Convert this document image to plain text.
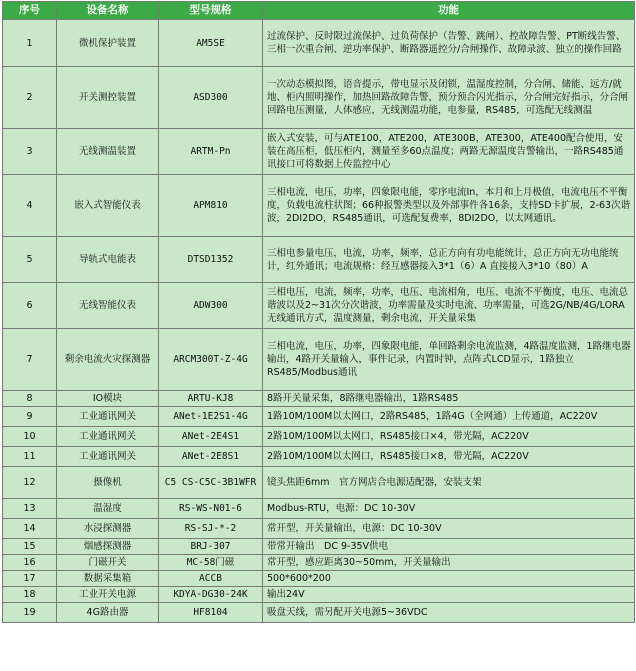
序号	设备名称	型号规格	功能
1	微机保护装置	AM5SE	过流保护、反时限过流保护、过负荷保护（告警、跳闸）、控故障告警、PT断线告警、三相一次重合闸、逆功率保护、断路器遥控分/合闸操作、故障录波、独立的操作回路
2	开关测控装置	ASD300	一次动态模拟图，语音提示，带电显示及闭锁，温湿度控制，分合闸、储能、远方/就地、柜内照明操作，加热回路故障告警，预分预合闪光指示，分合闸完好指示，分合闸回路电压测量，人体感应，无线测温功能，电参量，RS485，可选配无线测温
3	无线测温装置	ARTM-Pn	嵌入式安装，可与ATE100，ATE200，ATE300B，ATE300，ATE400配合使用，安装在高压柜，低压柜内，测量至多60点温度；两路无源温度告警输出，一路RS485通讯接口可将数据上传监控中心
4	嵌入式智能仪表	APM810	三相电流，电压，功率，四象限电能，零序电流In，本月和上月极值，电流电压不平衡度，负载电流柱状图；66种报警类型以及外部事件各16条，支持SD卡扩展，2-63次谐波，2DI2DO，RS485通讯，可选配复费率，8DI2DO，以太网通讯。
5	导轨式电能表	DTSD1352	三相电参量电压，电流，功率，频率，总正方向有功电能统计，总正方向无功电能统计，红外通讯；电流规格：经互感器接入3*1（6）A 直接接入3*10（80）A
6	无线智能仪表	ADW300	三相电压，电流，频率，功率，电压、电流相角，电压、电流不平衡度，电压、电流总谐波以及2~31次分次谐波，功率需量及实时电流、功率需量，可选2G/NB/4G/LORA无线通讯方式，温度测量，剩余电流，开关量采集
7	剩余电流火灾探测器	ARCM300T-Z-4G	三相电流，电压，功率，四象限电能，单回路剩余电流监测，4路温度监测，1路继电器输出，4路开关量输入，事件记录，内置时钟，点阵式LCD显示，1路独立RS485/Modbus通讯
8	IO模块	ARTU-KJ8	8路开关量采集，8路继电器输出，1路RS485
9	工业通讯网关	ANet-1E2S1-4G	1路10M/100M以太网口，2路RS485，1路4G（全网通）上传通道，AC220V
10	工业通讯网关	ANet-2E4S1	2路10M/100M以太网口，RS485接口×4，带光隔，AC220V
11	工业通讯网关	ANet-2E8S1	2路10M/100M以太网口，RS485接口×8，带光隔，AC220V
12	摄像机	C5 CS-C5C-3B1WFR	镜头焦距6mm　官方网店合电源适配器，安装支架
13	温湿度	RS-WS-N01-6	Modbus-RTU，电源：DC 10-30V
14	水浸探测器	RS-SJ-*-2	常开型，开关量输出，电源：DC 10-30V
15	烟感探测器	BRJ-307	带常开输出　DC 9-35V供电
16	门磁开关	MC-58门磁	常开型，感应距离30~50mm，开关量输出
17	数据采集箱	ACCB	500*600*200
18	工业开关电源	KDYA-DG30-24K	输出24V
19	4G路由器	HF8104	吸盘天线，需另配开关电源5~36VDC
